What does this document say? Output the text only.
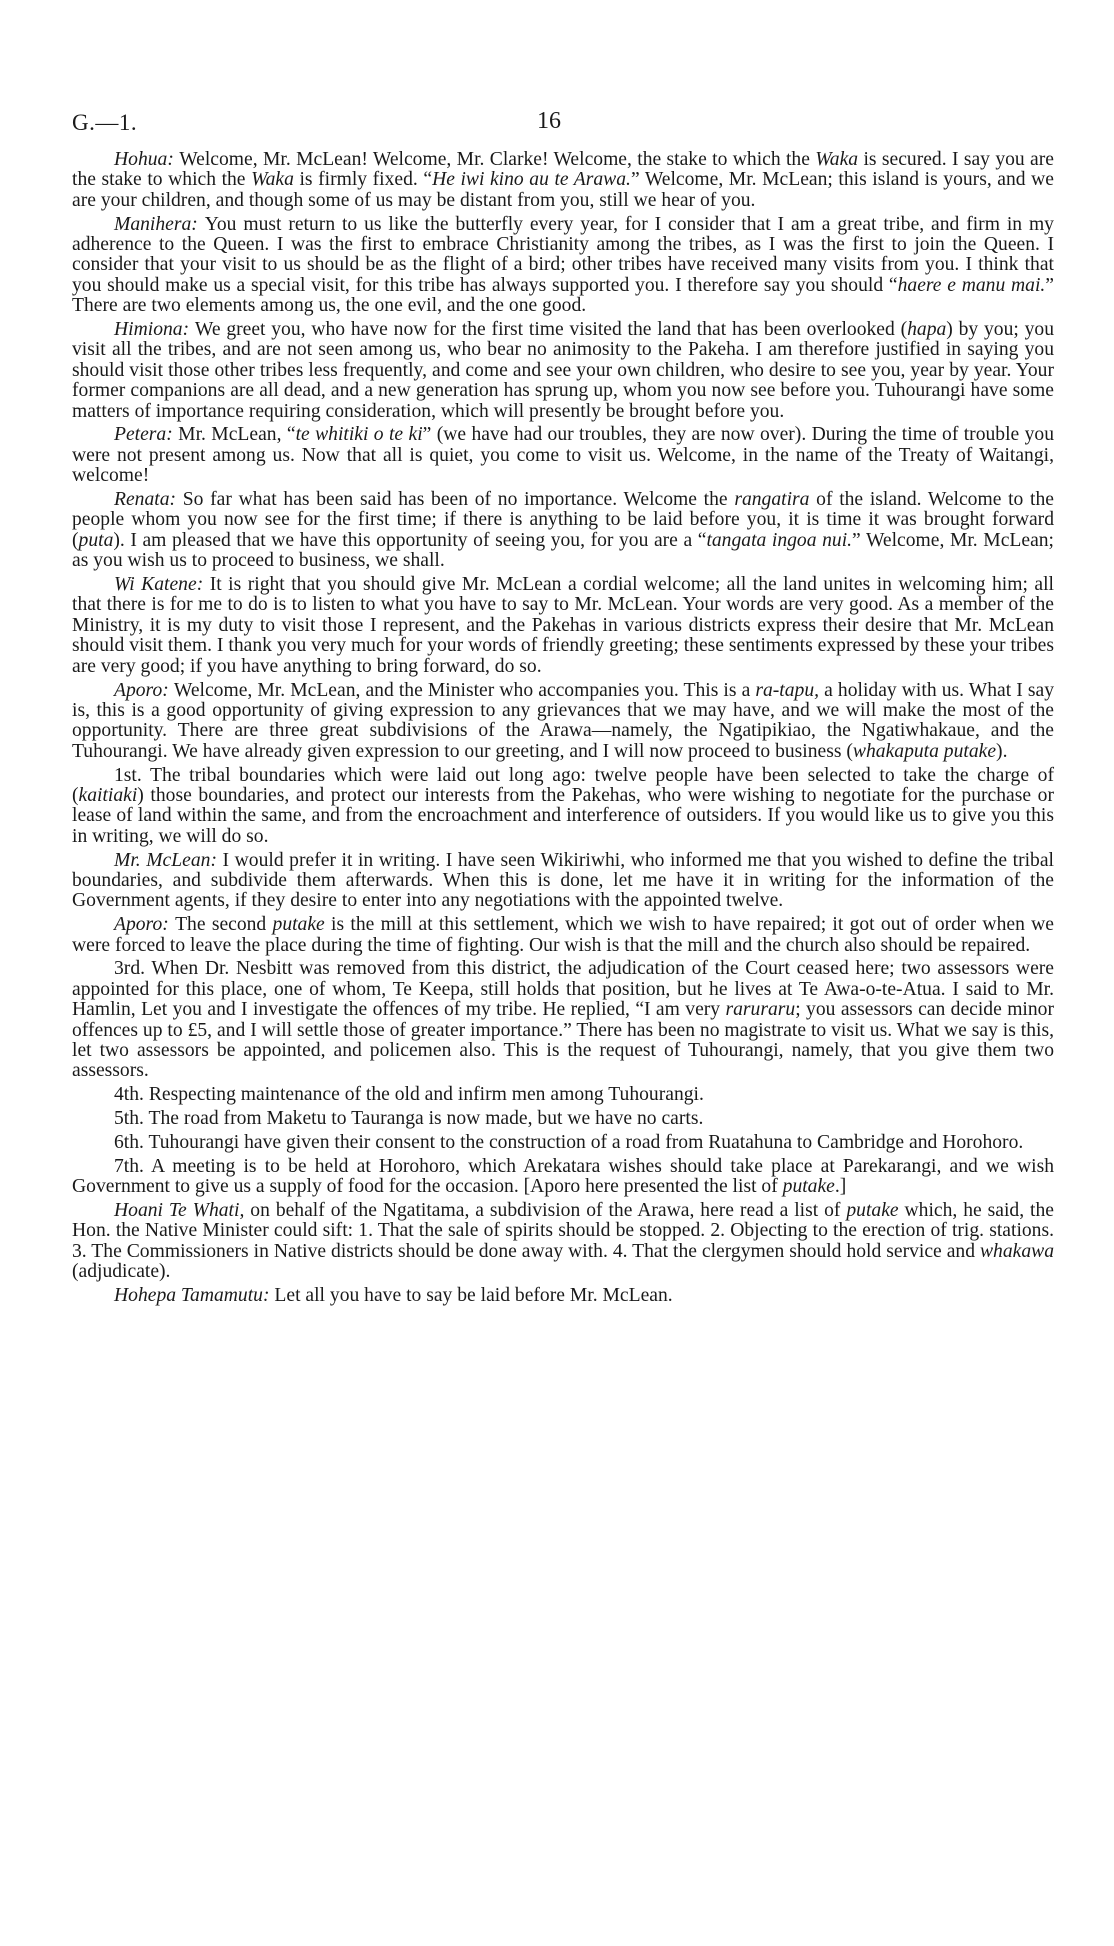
G.—1.	16

Hohua: Welcome, Mr. McLean! Welcome, Mr. Clarke! Welcome, the stake to which the Waka is secured. I say you are the stake to which the Waka is firmly fixed. “He iwi kino au te Arawa.” Welcome, Mr. McLean; this island is yours, and we are your children, and though some of us may be distant from you, still we hear of you.

Manihera: You must return to us like the butterfly every year, for I consider that I am a great tribe, and firm in my adherence to the Queen. I was the first to embrace Christianity among the tribes, as I was the first to join the Queen. I consider that your visit to us should be as the flight of a bird; other tribes have received many visits from you. I think that you should make us a special visit, for this tribe has always supported you. I therefore say you should “haere e manu mai.” There are two elements among us, the one evil, and the one good.

Himiona: We greet you, who have now for the first time visited the land that has been overlooked (hapa) by you; you visit all the tribes, and are not seen among us, who bear no animosity to the Pakeha. I am therefore justified in saying you should visit those other tribes less frequently, and come and see your own children, who desire to see you, year by year. Your former companions are all dead, and a new generation has sprung up, whom you now see before you. Tuhourangi have some matters of importance requiring consideration, which will presently be brought before you.

Petera: Mr. McLean, “te whitiki o te ki” (we have had our troubles, they are now over). During the time of trouble you were not present among us. Now that all is quiet, you come to visit us. Welcome, in the name of the Treaty of Waitangi, welcome!

Renata: So far what has been said has been of no importance. Welcome the rangatira of the island. Welcome to the people whom you now see for the first time; if there is anything to be laid before you, it is time it was brought forward (puta). I am pleased that we have this opportunity of seeing you, for you are a “tangata ingoa nui.” Welcome, Mr. McLean; as you wish us to proceed to business, we shall.

Wi Katene: It is right that you should give Mr. McLean a cordial welcome; all the land unites in welcoming him; all that there is for me to do is to listen to what you have to say to Mr. McLean. Your words are very good. As a member of the Ministry, it is my duty to visit those I represent, and the Pakehas in various districts express their desire that Mr. McLean should visit them. I thank you very much for your words of friendly greeting; these sentiments expressed by these your tribes are very good; if you have anything to bring forward, do so.

Aporo: Welcome, Mr. McLean, and the Minister who accompanies you. This is a ra-tapu, a holiday with us. What I say is, this is a good opportunity of giving expression to any grievances that we may have, and we will make the most of the opportunity. There are three great subdivisions of the Arawa—namely, the Ngatipikiao, the Ngatiwhakaue, and the Tuhourangi. We have already given expression to our greeting, and I will now proceed to business (whakaputa putake).

1st. The tribal boundaries which were laid out long ago: twelve people have been selected to take the charge of (kaitiaki) those boundaries, and protect our interests from the Pakehas, who were wishing to negotiate for the purchase or lease of land within the same, and from the encroachment and interference of outsiders. If you would like us to give you this in writing, we will do so.

Mr. McLean: I would prefer it in writing. I have seen Wikiriwhi, who informed me that you wished to define the tribal boundaries, and subdivide them afterwards. When this is done, let me have it in writing for the information of the Government agents, if they desire to enter into any negotiations with the appointed twelve.

Aporo: The second putake is the mill at this settlement, which we wish to have repaired; it got out of order when we were forced to leave the place during the time of fighting. Our wish is that the mill and the church also should be repaired.

3rd. When Dr. Nesbitt was removed from this district, the adjudication of the Court ceased here; two assessors were appointed for this place, one of whom, Te Keepa, still holds that position, but he lives at Te Awa-o-te-Atua. I said to Mr. Hamlin, Let you and I investigate the offences of my tribe. He replied, “I am very raruraru; you assessors can decide minor offences up to £5, and I will settle those of greater importance.” There has been no magistrate to visit us. What we say is this, let two assessors be appointed, and policemen also. This is the request of Tuhourangi, namely, that you give them two assessors.

4th. Respecting maintenance of the old and infirm men among Tuhourangi.

5th. The road from Maketu to Tauranga is now made, but we have no carts.

6th. Tuhourangi have given their consent to the construction of a road from Ruatahuna to Cambridge and Horohoro.

7th. A meeting is to be held at Horohoro, which Arekatara wishes should take place at Parekarangi, and we wish Government to give us a supply of food for the occasion. [Aporo here presented the list of putake.]

Hoani Te Whati, on behalf of the Ngatitama, a subdivision of the Arawa, here read a list of putake which, he said, the Hon. the Native Minister could sift: 1. That the sale of spirits should be stopped. 2. Objecting to the erection of trig. stations. 3. The Commissioners in Native districts should be done away with. 4. That the clergymen should hold service and whakawa (adjudicate).

Hohepa Tamamutu: Let all you have to say be laid before Mr. McLean.
